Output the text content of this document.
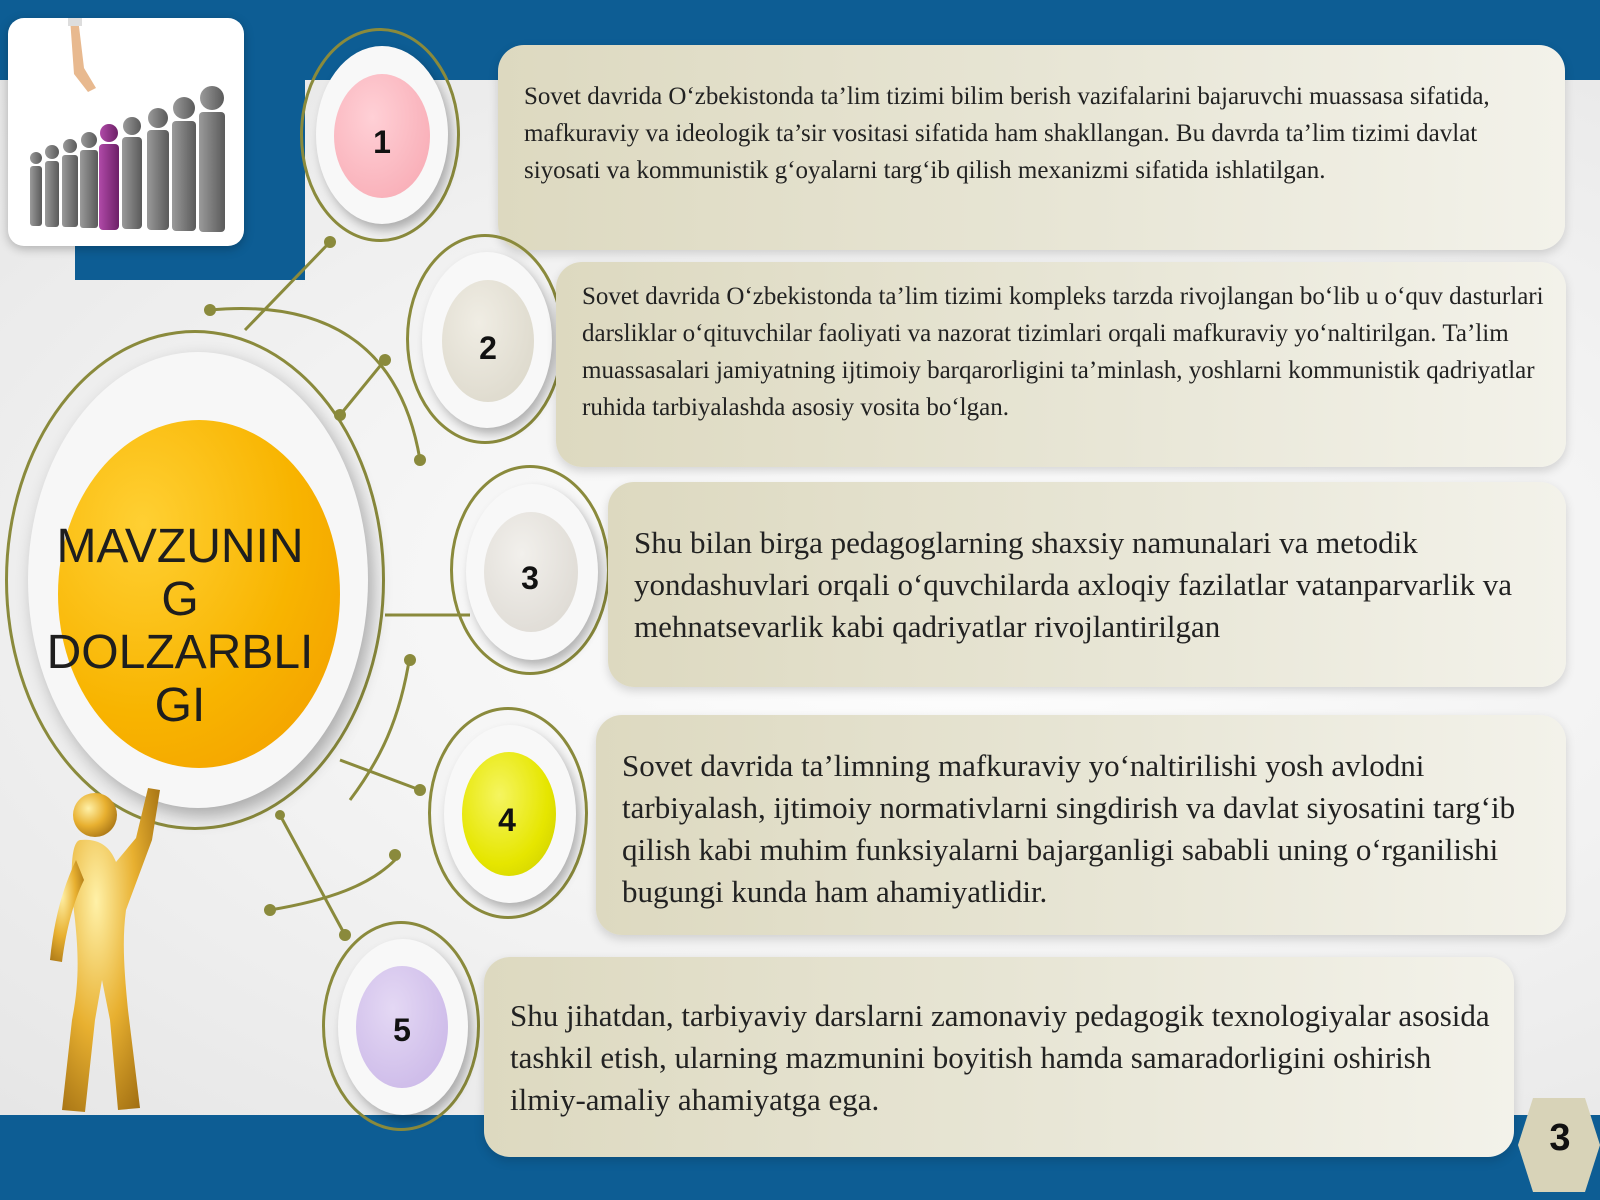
MAVZUNIN
G
DOLZARBLI
GI
1
Sovet davrida O‘zbekistonda ta’lim tizimi bilim berish vazifalarini bajaruvchi muassasa sifatida, mafkuraviy va ideologik ta’sir vositasi sifatida ham shakllangan. Bu davrda ta’lim tizimi davlat siyosati va kommunistik g‘oyalarni targ‘ib qilish mexanizmi sifatida ishlatilgan.
2
Sovet davrida O‘zbekistonda ta’lim tizimi kompleks tarzda rivojlangan bo‘lib u o‘quv dasturlari darsliklar o‘qituvchilar faoliyati va nazorat tizimlari orqali mafkuraviy yo‘naltirilgan. Ta’lim muassasalari jamiyatning ijtimoiy barqarorligini ta’minlash, yoshlarni kommunistik qadriyatlar ruhida tarbiyalashda asosiy vosita bo‘lgan.
3
Shu bilan birga pedagoglarning shaxsiy namunalari va metodik yondashuvlari orqali o‘quvchilarda axloqiy fazilatlar vatanparvarlik va mehnatsevarlik kabi qadriyatlar rivojlantirilgan
4
Sovet davrida ta’limning mafkuraviy yo‘naltirilishi yosh avlodni tarbiyalash, ijtimoiy normativlarni singdirish va davlat siyosatini targ‘ib qilish kabi muhim funksiyalarni bajarganligi sababli uning o‘rganilishi bugungi kunda ham ahamiyatlidir.
5	Shu jihatdan, tarbiyaviy darslarni zamonaviy pedagogik texnologiyalar asosida tashkil etish, ularning mazmunini boyitish hamda samaradorligini oshirish ilmiy-amaliy ahamiyatga ega.
3
